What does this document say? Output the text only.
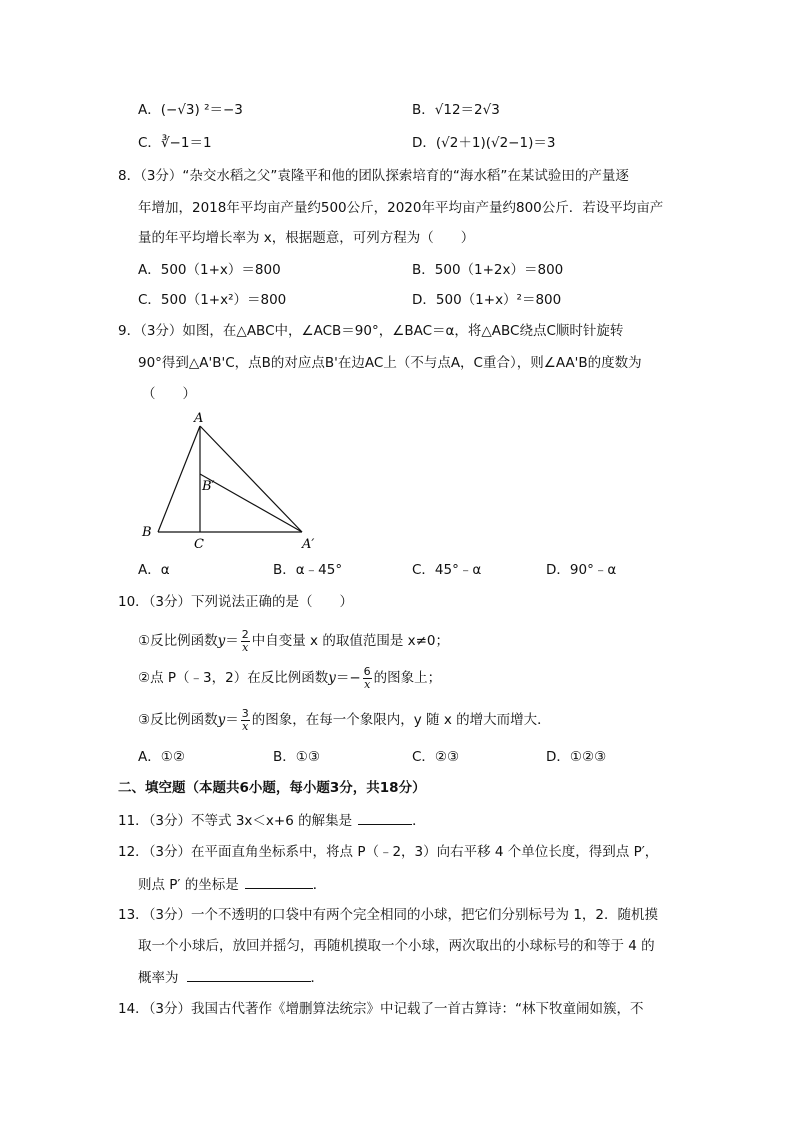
A．(−√3) ²＝−3	B．√12＝2√3
C．∛−1＝1	D．(√2＋1)(√2−1)＝3
8．（3分）“杂交水稻之父”袁隆平和他的团队探索培育的“海水稻”在某试验田的产量逐
年增加，2018年平均亩产量约500公斤，2020年平均亩产量约800公斤．若设平均亩产
量的年平均增长率为 x，根据题意，可列方程为（　　）
A．500（1+x）＝800	B．500（1+2x）＝800
C．500（1+x²）＝800	D．500（1+x）²＝800
9．（3分）如图，在△ABC中，∠ACB＝90°，∠BAC＝α，将△ABC绕点C顺时针旋转
90°得到△A'B'C，点B的对应点B'在边AC上（不与点A，C重合），则∠AA'B的度数为
（　　）
A
B
C
B′
A′
A．α	B．α﹣45°	C．45°﹣α	D．90°﹣α
10．（3分）下列说法正确的是（　　）
①反比例函数$y= \frac{2}{x}$ 中自变量 x 的取值范围是 x≠0；
②点 P（﹣3，2）在反比例函数$y=- \frac{6}{x}$ 的图象上；
③反比例函数$y= \frac{3}{x}$ 的图象，在每一个象限内，y 随 x 的增大而增大．
A．①②	B．①③	C．②③	D．①②③
二、填空题（本题共6小题，每小题3分，共18分）
11．（3分）不等式 3x＜x+6 的解集是	．
12．（3分）在平面直角坐标系中，将点 P（﹣2，3）向右平移 4 个单位长度，得到点 P′，
则点 P′ 的坐标是	．
13．（3分）一个不透明的口袋中有两个完全相同的小球，把它们分别标号为 1，2．随机摸
取一个小球后，放回并摇匀，再随机摸取一个小球，两次取出的小球标号的和等于 4 的
概率为	．
14．（3分）我国古代著作《增删算法统宗》中记载了一首古算诗：“林下牧童闹如簇，不
